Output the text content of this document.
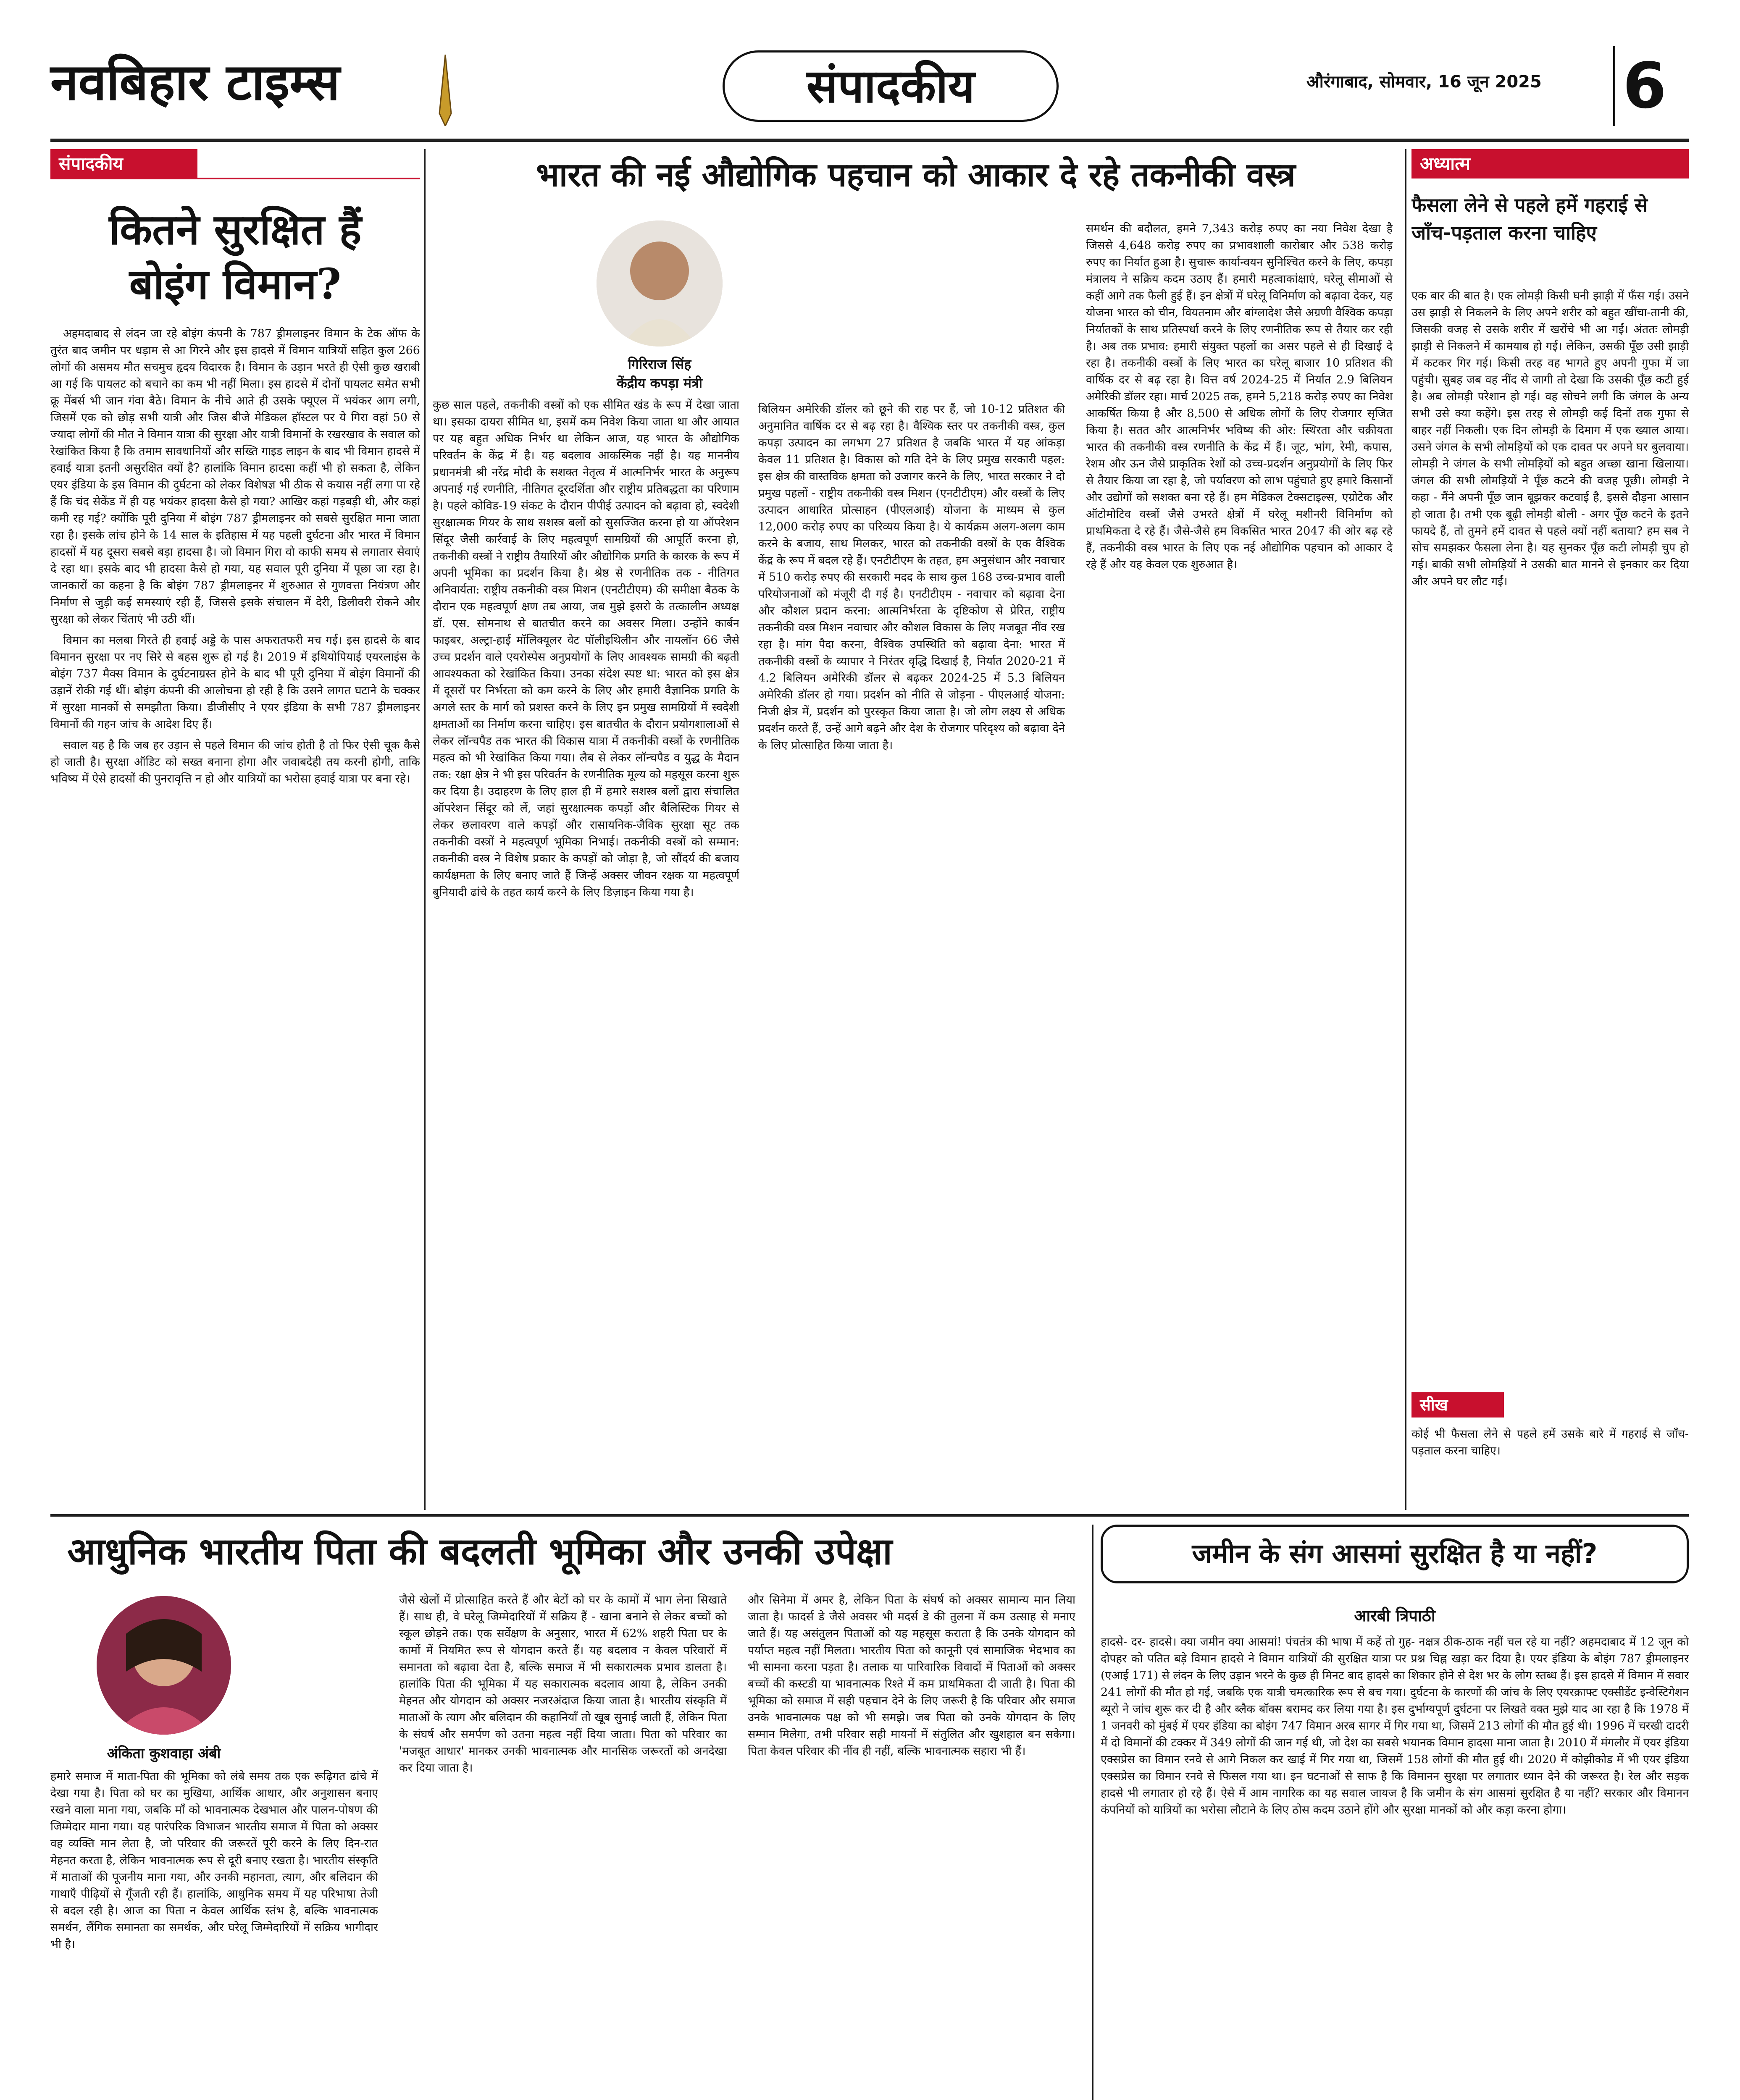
नवबिहार टाइम्स	संपादकीय	औरंगाबाद, सोमवार, 16 जून 2025 6
संपादकीय
कितने सुरक्षित हैं
बोइंग विमान?

अहमदाबाद से लंदन जा रहे बोइंग कंपनी के 787 ड्रीमलाइनर विमान के टेक ऑफ के तुरंत बाद जमीन पर धड़ाम से आ गिरने और इस हादसे में विमान यात्रियों सहित कुल 266 लोगों की असमय मौत सचमुच हृदय विदारक है। विमान के उड़ान भरते ही ऐसी कुछ खराबी आ गई कि पायलट को बचाने का कम भी नहीं मिला। इस हादसे में दोनों पायलट समेत सभी क्रू मेंबर्स भी जान गंवा बैठे। विमान के नीचे आते ही उसके फ्यूएल में भयंकर आग लगी, जिसमें एक को छोड़ सभी यात्री और जिस बीजे मेडिकल हॉस्टल पर ये गिरा वहां 50 से ज्यादा लोगों की मौत ने विमान यात्रा की सुरक्षा और यात्री विमानों के रखरखाव के सवाल को रेखांकित किया है कि तमाम सावधानियों और सख्ति गाइड लाइन के बाद भी विमान हादसे में हवाई यात्रा इतनी असुरक्षित क्यों है? हालांकि विमान हादसा कहीं भी हो सकता है, लेकिन एयर इंडिया के इस विमान की दुर्घटना को लेकर विशेषज्ञ भी ठीक से कयास नहीं लगा पा रहे हैं कि चंद सेकेंड में ही यह भयंकर हादसा कैसे हो गया? आखिर कहां गड़बड़ी थी, और कहां कमी रह गई? क्योंकि पूरी दुनिया में बोइंग 787 ड्रीमलाइनर को सबसे सुरक्षित माना जाता रहा है। इसके लांच होने के 14 साल के इतिहास में यह पहली दुर्घटना और भारत में विमान हादसों में यह दूसरा सबसे बड़ा हादसा है। जो विमान गिरा वो काफी समय से लगातार सेवाएं दे रहा था। इसके बाद भी हादसा कैसे हो गया, यह सवाल पूरी दुनिया में पूछा जा रहा है। जानकारों का कहना है कि बोइंग 787 ड्रीमलाइनर में शुरुआत से गुणवत्ता नियंत्रण और निर्माण से जुड़ी कई समस्याएं रही हैं, जिससे इसके संचालन में देरी, डिलीवरी रोकने और सुरक्षा को लेकर चिंताएं भी उठी थीं।

विमान का मलबा गिरते ही हवाई अड्डे के पास अफरातफरी मच गई। इस हादसे के बाद विमानन सुरक्षा पर नए सिरे से बहस शुरू हो गई है। 2019 में इथियोपियाई एयरलाइंस के बोइंग 737 मैक्स विमान के दुर्घटनाग्रस्त होने के बाद भी पूरी दुनिया में बोइंग विमानों की उड़ानें रोकी गई थीं। बोइंग कंपनी की आलोचना हो रही है कि उसने लागत घटाने के चक्कर में सुरक्षा मानकों से समझौता किया। डीजीसीए ने एयर इंडिया के सभी 787 ड्रीमलाइनर विमानों की गहन जांच के आदेश दिए हैं।

सवाल यह है कि जब हर उड़ान से पहले विमान की जांच होती है तो फिर ऐसी चूक कैसे हो जाती है। सुरक्षा ऑडिट को सख्त बनाना होगा और जवाबदेही तय करनी होगी, ताकि भविष्य में ऐसे हादसों की पुनरावृत्ति न हो और यात्रियों का भरोसा हवाई यात्रा पर बना रहे।

भारत की नई औद्योगिक पहचान को आकार दे रहे तकनीकी वस्त्र
गिरिराज सिंह
केंद्रीय कपड़ा मंत्री
कुछ साल पहले, तकनीकी वस्त्रों को एक सीमित खंड के रूप में देखा जाता था। इसका दायरा सीमित था, इसमें कम निवेश किया जाता था और आयात पर यह बहुत अधिक निर्भर था लेकिन आज, यह भारत के औद्योगिक परिवर्तन के केंद्र में है। यह बदलाव आकस्मिक नहीं है। यह माननीय प्रधानमंत्री श्री नरेंद्र मोदी के सशक्त नेतृत्व में आत्मनिर्भर भारत के अनुरूप अपनाई गई रणनीति, नीतिगत दूरदर्शिता और राष्ट्रीय प्रतिबद्धता का परिणाम है। पहले कोविड-19 संकट के दौरान पीपीई उत्पादन को बढ़ावा हो, स्वदेशी सुरक्षात्मक गियर के साथ सशस्त्र बलों को सुसज्जित करना हो या ऑपरेशन सिंदूर जैसी कार्रवाई के लिए महत्वपूर्ण सामग्रियों की आपूर्ति करना हो, तकनीकी वस्त्रों ने राष्ट्रीय तैयारियों और औद्योगिक प्रगति के कारक के रूप में अपनी भूमिका का प्रदर्शन किया है। श्रेष्ठ से रणनीतिक तक - नीतिगत अनिवार्यता: राष्ट्रीय तकनीकी वस्त्र मिशन (एनटीटीएम) की समीक्षा बैठक के दौरान एक महत्वपूर्ण क्षण तब आया, जब मुझे इसरो के तत्कालीन अध्यक्ष डॉ. एस. सोमनाथ से बातचीत करने का अवसर मिला। उन्होंने कार्बन फाइबर, अल्ट्रा-हाई मॉलिक्यूलर वेट पॉलीइथिलीन और नायलॉन 66 जैसे उच्च प्रदर्शन वाले एयरोस्पेस अनुप्रयोगों के लिए आवश्यक सामग्री की बढ़ती आवश्यकता को रेखांकित किया। उनका संदेश स्पष्ट था: भारत को इस क्षेत्र में दूसरों पर निर्भरता को कम करने के लिए और हमारी वैज्ञानिक प्रगति के अगले स्तर के मार्ग को प्रशस्त करने के लिए इन प्रमुख सामग्रियों में स्वदेशी क्षमताओं का निर्माण करना चाहिए। इस बातचीत के दौरान प्रयोगशालाओं से लेकर लॉन्चपैड तक भारत की विकास यात्रा में तकनीकी वस्त्रों के रणनीतिक महत्व को भी रेखांकित किया गया। लैब से लेकर लॉन्चपैड व युद्ध के मैदान तक: रक्षा क्षेत्र ने भी इस परिवर्तन के रणनीतिक मूल्य को महसूस करना शुरू कर दिया है। उदाहरण के लिए हाल ही में हमारे सशस्त्र बलों द्वारा संचालित ऑपरेशन सिंदूर को लें, जहां सुरक्षात्मक कपड़ों और बैलिस्टिक गियर से लेकर छलावरण वाले कपड़ों और रासायनिक-जैविक सुरक्षा सूट तक तकनीकी वस्त्रों ने महत्वपूर्ण भूमिका निभाई। तकनीकी वस्त्रों को सम्मान: तकनीकी वस्त्र ने विशेष प्रकार के कपड़ों को जोड़ा है, जो सौंदर्य की बजाय कार्यक्षमता के लिए बनाए जाते हैं जिन्हें अक्सर जीवन रक्षक या महत्वपूर्ण बुनियादी ढांचे के तहत कार्य करने के लिए डिज़ाइन किया गया है।
बिलियन अमेरिकी डॉलर को छूने की राह पर हैं, जो 10-12 प्रतिशत की अनुमानित वार्षिक दर से बढ़ रहा है। वैश्विक स्तर पर तकनीकी वस्त्र, कुल कपड़ा उत्पादन का लगभग 27 प्रतिशत है जबकि भारत में यह आंकड़ा केवल 11 प्रतिशत है। विकास को गति देने के लिए प्रमुख सरकारी पहल: इस क्षेत्र की वास्तविक क्षमता को उजागर करने के लिए, भारत सरकार ने दो प्रमुख पहलों - राष्ट्रीय तकनीकी वस्त्र मिशन (एनटीटीएम) और वस्त्रों के लिए उत्पादन आधारित प्रोत्साहन (पीएलआई) योजना के माध्यम से कुल 12,000 करोड़ रुपए का परिव्यय किया है। ये कार्यक्रम अलग-अलग काम करने के बजाय, साथ मिलकर, भारत को तकनीकी वस्त्रों के एक वैश्विक केंद्र के रूप में बदल रहे हैं। एनटीटीएम के तहत, हम अनुसंधान और नवाचार में 510 करोड़ रुपए की सरकारी मदद के साथ कुल 168 उच्च-प्रभाव वाली परियोजनाओं को मंजूरी दी गई है। एनटीटीएम - नवाचार को बढ़ावा देना और कौशल प्रदान करना: आत्मनिर्भरता के दृष्टिकोण से प्रेरित, राष्ट्रीय तकनीकी वस्त्र मिशन नवाचार और कौशल विकास के लिए मजबूत नींव रख रहा है। मांग पैदा करना, वैश्विक उपस्थिति को बढ़ावा देना: भारत में तकनीकी वस्त्रों के व्यापार ने निरंतर वृद्धि दिखाई है, निर्यात 2020-21 में 4.2 बिलियन अमेरिकी डॉलर से बढ़कर 2024-25 में 5.3 बिलियन अमेरिकी डॉलर हो गया। प्रदर्शन को नीति से जोड़ना - पीएलआई योजना: निजी क्षेत्र में, प्रदर्शन को पुरस्कृत किया जाता है। जो लोग लक्ष्य से अधिक प्रदर्शन करते हैं, उन्हें आगे बढ़ने और देश के रोजगार परिदृश्य को बढ़ावा देने के लिए प्रोत्साहित किया जाता है।
समर्थन की बदौलत, हमने 7,343 करोड़ रुपए का नया निवेश देखा है जिससे 4,648 करोड़ रुपए का प्रभावशाली कारोबार और 538 करोड़ रुपए का निर्यात हुआ है। सुचारू कार्यान्वयन सुनिश्चित करने के लिए, कपड़ा मंत्रालय ने सक्रिय कदम उठाए हैं। हमारी महत्वाकांक्षाएं, घरेलू सीमाओं से कहीं आगे तक फैली हुई हैं। इन क्षेत्रों में घरेलू विनिर्माण को बढ़ावा देकर, यह योजना भारत को चीन, वियतनाम और बांग्लादेश जैसे अग्रणी वैश्विक कपड़ा निर्यातकों के साथ प्रतिस्पर्धा करने के लिए रणनीतिक रूप से तैयार कर रही है। अब तक प्रभाव: हमारी संयुक्त पहलों का असर पहले से ही दिखाई दे रहा है। तकनीकी वस्त्रों के लिए भारत का घरेलू बाजार 10 प्रतिशत की वार्षिक दर से बढ़ रहा है। वित्त वर्ष 2024-25 में निर्यात 2.9 बिलियन अमेरिकी डॉलर रहा। मार्च 2025 तक, हमने 5,218 करोड़ रुपए का निवेश आकर्षित किया है और 8,500 से अधिक लोगों के लिए रोजगार सृजित किया है। सतत और आत्मनिर्भर भविष्य की ओर: स्थिरता और चक्रीयता भारत की तकनीकी वस्त्र रणनीति के केंद्र में हैं। जूट, भांग, रेमी, कपास, रेशम और ऊन जैसे प्राकृतिक रेशों को उच्च-प्रदर्शन अनुप्रयोगों के लिए फिर से तैयार किया जा रहा है, जो पर्यावरण को लाभ पहुंचाते हुए हमारे किसानों और उद्योगों को सशक्त बना रहे हैं। हम मेडिकल टेक्सटाइल्स, एग्रोटेक और ऑटोमोटिव वस्त्रों जैसे उभरते क्षेत्रों में घरेलू मशीनरी विनिर्माण को प्राथमिकता दे रहे हैं। जैसे-जैसे हम विकसित भारत 2047 की ओर बढ़ रहे हैं, तकनीकी वस्त्र भारत के लिए एक नई औद्योगिक पहचान को आकार दे रहे हैं और यह केवल एक शुरुआत है।
अध्यात्म
फैसला लेने से पहले हमें गहराई से जाँच-पड़ताल करना चाहिए
एक बार की बात है। एक लोमड़ी किसी घनी झाड़ी में फँस गई। उसने उस झाड़ी से निकलने के लिए अपने शरीर को बहुत खींचा-तानी की, जिसकी वजह से उसके शरीर में खरोंचे भी आ गईं। अंततः लोमड़ी झाड़ी से निकलने में कामयाब हो गई। लेकिन, उसकी पूँछ उसी झाड़ी में कटकर गिर गई। किसी तरह वह भागते हुए अपनी गुफा में जा पहुंची। सुबह जब वह नींद से जागी तो देखा कि उसकी पूँछ कटी हुई है। अब लोमड़ी परेशान हो गई। वह सोचने लगी कि जंगल के अन्य सभी उसे क्या कहेंगे। इस तरह से लोमड़ी कई दिनों तक गुफा से बाहर नहीं निकली। एक दिन लोमड़ी के दिमाग में एक ख्याल आया। उसने जंगल के सभी लोमड़ियों को एक दावत पर अपने घर बुलवाया। लोमड़ी ने जंगल के सभी लोमड़ियों को बहुत अच्छा खाना खिलाया। जंगल की सभी लोमड़ियों ने पूँछ कटने की वजह पूछी। लोमड़ी ने कहा - मैंने अपनी पूँछ जान बूझकर कटवाई है, इससे दौड़ना आसान हो जाता है। तभी एक बूढ़ी लोमड़ी बोली - अगर पूँछ कटने के इतने फायदे हैं, तो तुमने हमें दावत से पहले क्यों नहीं बताया? हम सब ने सोच समझकर फैसला लेना है। यह सुनकर पूँछ कटी लोमड़ी चुप हो गई। बाकी सभी लोमड़ियों ने उसकी बात मानने से इनकार कर दिया और अपने घर लौट गईं।
सीख
कोई भी फैसला लेने से पहले हमें उसके बारे में गहराई से जाँच-पड़ताल करना चाहिए।
आधुनिक भारतीय पिता की बदलती भूमिका और उनकी उपेक्षा
अंकिता कुशवाहा अंबी
हमारे समाज में माता-पिता की भूमिका को लंबे समय तक एक रूढ़िगत ढांचे में देखा गया है। पिता को घर का मुखिया, आर्थिक आधार, और अनुशासन बनाए रखने वाला माना गया, जबकि माँ को भावनात्मक देखभाल और पालन-पोषण की जिम्मेदार माना गया। यह पारंपरिक विभाजन भारतीय समाज में पिता को अक्सर वह व्यक्ति मान लेता है, जो परिवार की जरूरतें पूरी करने के लिए दिन-रात मेहनत करता है, लेकिन भावनात्मक रूप से दूरी बनाए रखता है। भारतीय संस्कृति में माताओं की पूजनीय माना गया, और उनकी महानता, त्याग, और बलिदान की गाथाएँ पीढ़ियों से गूँजती रही हैं। हालांकि, आधुनिक समय में यह परिभाषा तेजी से बदल रही है। आज का पिता न केवल आर्थिक स्तंभ है, बल्कि भावनात्मक समर्थन, लैंगिक समानता का समर्थक, और घरेलू जिम्मेदारियों में सक्रिय भागीदार भी है।
जैसे खेलों में प्रोत्साहित करते हैं और बेटों को घर के कामों में भाग लेना सिखाते हैं। साथ ही, वे घरेलू जिम्मेदारियों में सक्रिय हैं - खाना बनाने से लेकर बच्चों को स्कूल छोड़ने तक। एक सर्वेक्षण के अनुसार, भारत में 62% शहरी पिता घर के कामों में नियमित रूप से योगदान करते हैं। यह बदलाव न केवल परिवारों में समानता को बढ़ावा देता है, बल्कि समाज में भी सकारात्मक प्रभाव डालता है। हालांकि पिता की भूमिका में यह सकारात्मक बदलाव आया है, लेकिन उनकी मेहनत और योगदान को अक्सर नजरअंदाज किया जाता है। भारतीय संस्कृति में माताओं के त्याग और बलिदान की कहानियाँ तो खूब सुनाई जाती हैं, लेकिन पिता के संघर्ष और समर्पण को उतना महत्व नहीं दिया जाता। पिता को परिवार का 'मजबूत आधार' मानकर उनकी भावनात्मक और मानसिक जरूरतों को अनदेखा कर दिया जाता है।
और सिनेमा में अमर है, लेकिन पिता के संघर्ष को अक्सर सामान्य मान लिया जाता है। फादर्स डे जैसे अवसर भी मदर्स डे की तुलना में कम उत्साह से मनाए जाते हैं। यह असंतुलन पिताओं को यह महसूस कराता है कि उनके योगदान को पर्याप्त महत्व नहीं मिलता। भारतीय पिता को कानूनी एवं सामाजिक भेदभाव का भी सामना करना पड़ता है। तलाक या पारिवारिक विवादों में पिताओं को अक्सर बच्चों की कस्टडी या भावनात्मक रिश्ते में कम प्राथमिकता दी जाती है। पिता की भूमिका को समाज में सही पहचान देने के लिए जरूरी है कि परिवार और समाज उनके भावनात्मक पक्ष को भी समझे। जब पिता को उनके योगदान के लिए सम्मान मिलेगा, तभी परिवार सही मायनों में संतुलित और खुशहाल बन सकेगा। पिता केवल परिवार की नींव ही नहीं, बल्कि भावनात्मक सहारा भी हैं।
जमीन के संग आसमां सुरक्षित है या नहीं?
आरबी त्रिपाठी
हादसे- दर- हादसे। क्या जमीन क्या आसमां! पंचतंत्र की भाषा में कहें तो गुह- नक्षत्र ठीक-ठाक नहीं चल रहे या नहीं? अहमदाबाद में 12 जून को दोपहर को पतित बड़े विमान हादसे ने विमान यात्रियों की सुरक्षित यात्रा पर प्रश्न चिह्न खड़ा कर दिया है। एयर इंडिया के बोइंग 787 ड्रीमलाइनर (एआई 171) से लंदन के लिए उड़ान भरने के कुछ ही मिनट बाद हादसे का शिकार होने से देश भर के लोग स्तब्ध हैं। इस हादसे में विमान में सवार 241 लोगों की मौत हो गई, जबकि एक यात्री चमत्कारिक रूप से बच गया। दुर्घटना के कारणों की जांच के लिए एयरक्राफ्ट एक्सीडेंट इन्वेस्टिगेशन ब्यूरो ने जांच शुरू कर दी है और ब्लैक बॉक्स बरामद कर लिया गया है। इस दुर्भाग्यपूर्ण दुर्घटना पर लिखते वक्त मुझे याद आ रहा है कि 1978 में 1 जनवरी को मुंबई में एयर इंडिया का बोइंग 747 विमान अरब सागर में गिर गया था, जिसमें 213 लोगों की मौत हुई थी। 1996 में चरखी दादरी में दो विमानों की टक्कर में 349 लोगों की जान गई थी, जो देश का सबसे भयानक विमान हादसा माना जाता है। 2010 में मंगलौर में एयर इंडिया एक्सप्रेस का विमान रनवे से आगे निकल कर खाई में गिर गया था, जिसमें 158 लोगों की मौत हुई थी। 2020 में कोझीकोड में भी एयर इंडिया एक्सप्रेस का विमान रनवे से फिसल गया था। इन घटनाओं से साफ है कि विमानन सुरक्षा पर लगातार ध्यान देने की जरूरत है। रेल और सड़क हादसे भी लगातार हो रहे हैं। ऐसे में आम नागरिक का यह सवाल जायज है कि जमीन के संग आसमां सुरक्षित है या नहीं? सरकार और विमानन कंपनियों को यात्रियों का भरोसा लौटाने के लिए ठोस कदम उठाने होंगे और सुरक्षा मानकों को और कड़ा करना होगा।
